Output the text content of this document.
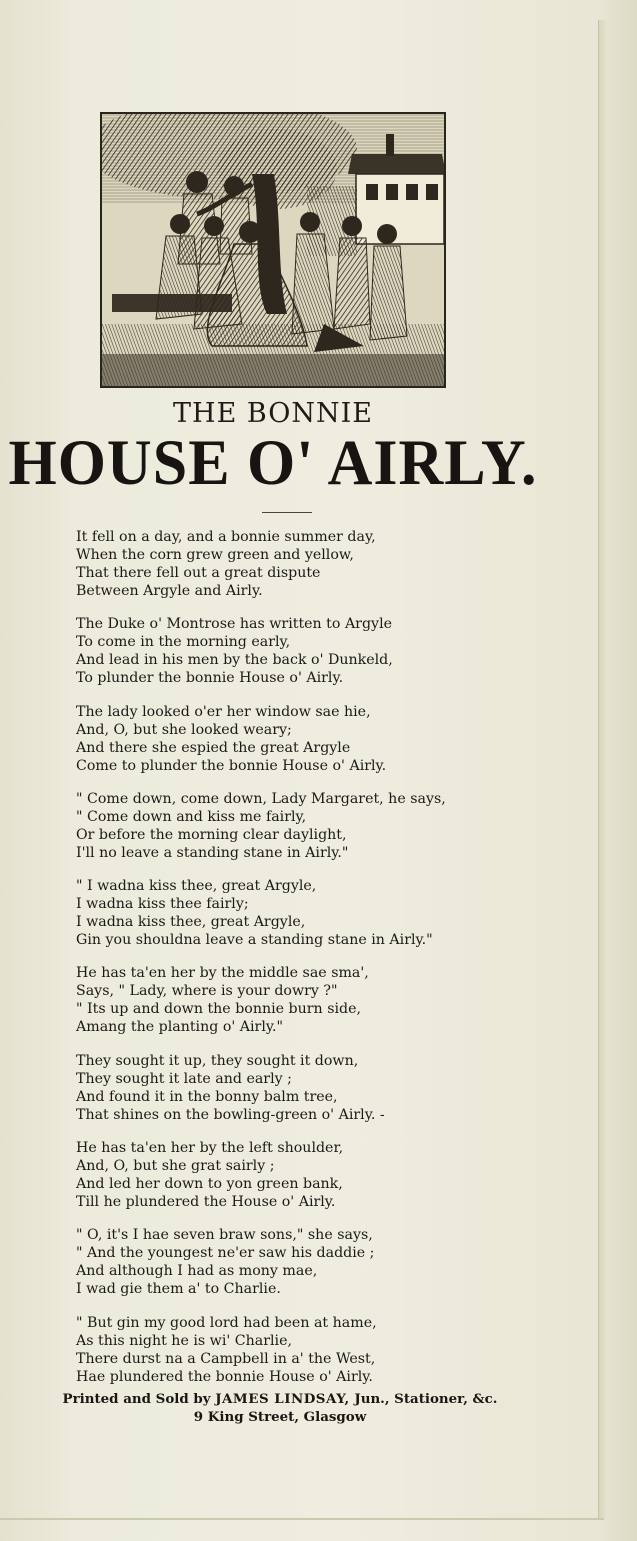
THE BONNIE
HOUSE O' AIRLY.
It fell on a day, and a bonnie summer day,
When the corn grew green and yellow,
That there fell out a great dispute
Between Argyle and Airly.
The Duke o' Montrose has written to Argyle
To come in the morning early,
And lead in his men by the back o' Dunkeld,
To plunder the bonnie House o' Airly.
The lady looked o'er her window sae hie,
And, O, but she looked weary;
And there she espied the great Argyle
Come to plunder the bonnie House o' Airly.
" Come down, come down, Lady Margaret, he says,
" Come down and kiss me fairly,
Or before the morning clear daylight,
I'll no leave a standing stane in Airly."
" I wadna kiss thee, great Argyle,
I wadna kiss thee fairly;
I wadna kiss thee, great Argyle,
Gin you shouldna leave a standing stane in Airly."
He has ta'en her by the middle sae sma',
Says, " Lady, where is your dowry ?"
" Its up and down the bonnie burn side,
Amang the planting o' Airly."
They sought it up, they sought it down,
They sought it late and early ;
And found it in the bonny balm tree,
That shines on the bowling-green o' Airly. -
He has ta'en her by the left shoulder,
And, O, but she grat sairly ;
And led her down to yon green bank,
Till he plundered the House o' Airly.
" O, it's I hae seven braw sons," she says,
" And the youngest ne'er saw his daddie ;
And although I had as mony mae,
I wad gie them a' to Charlie.
" But gin my good lord had been at hame,
As this night he is wi' Charlie,
There durst na a Campbell in a' the West,
Hae plundered the bonnie House o' Airly.
Printed and Sold by JAMES LINDSAY, Jun., Stationer, &c.
9 King Street, Glasgow
